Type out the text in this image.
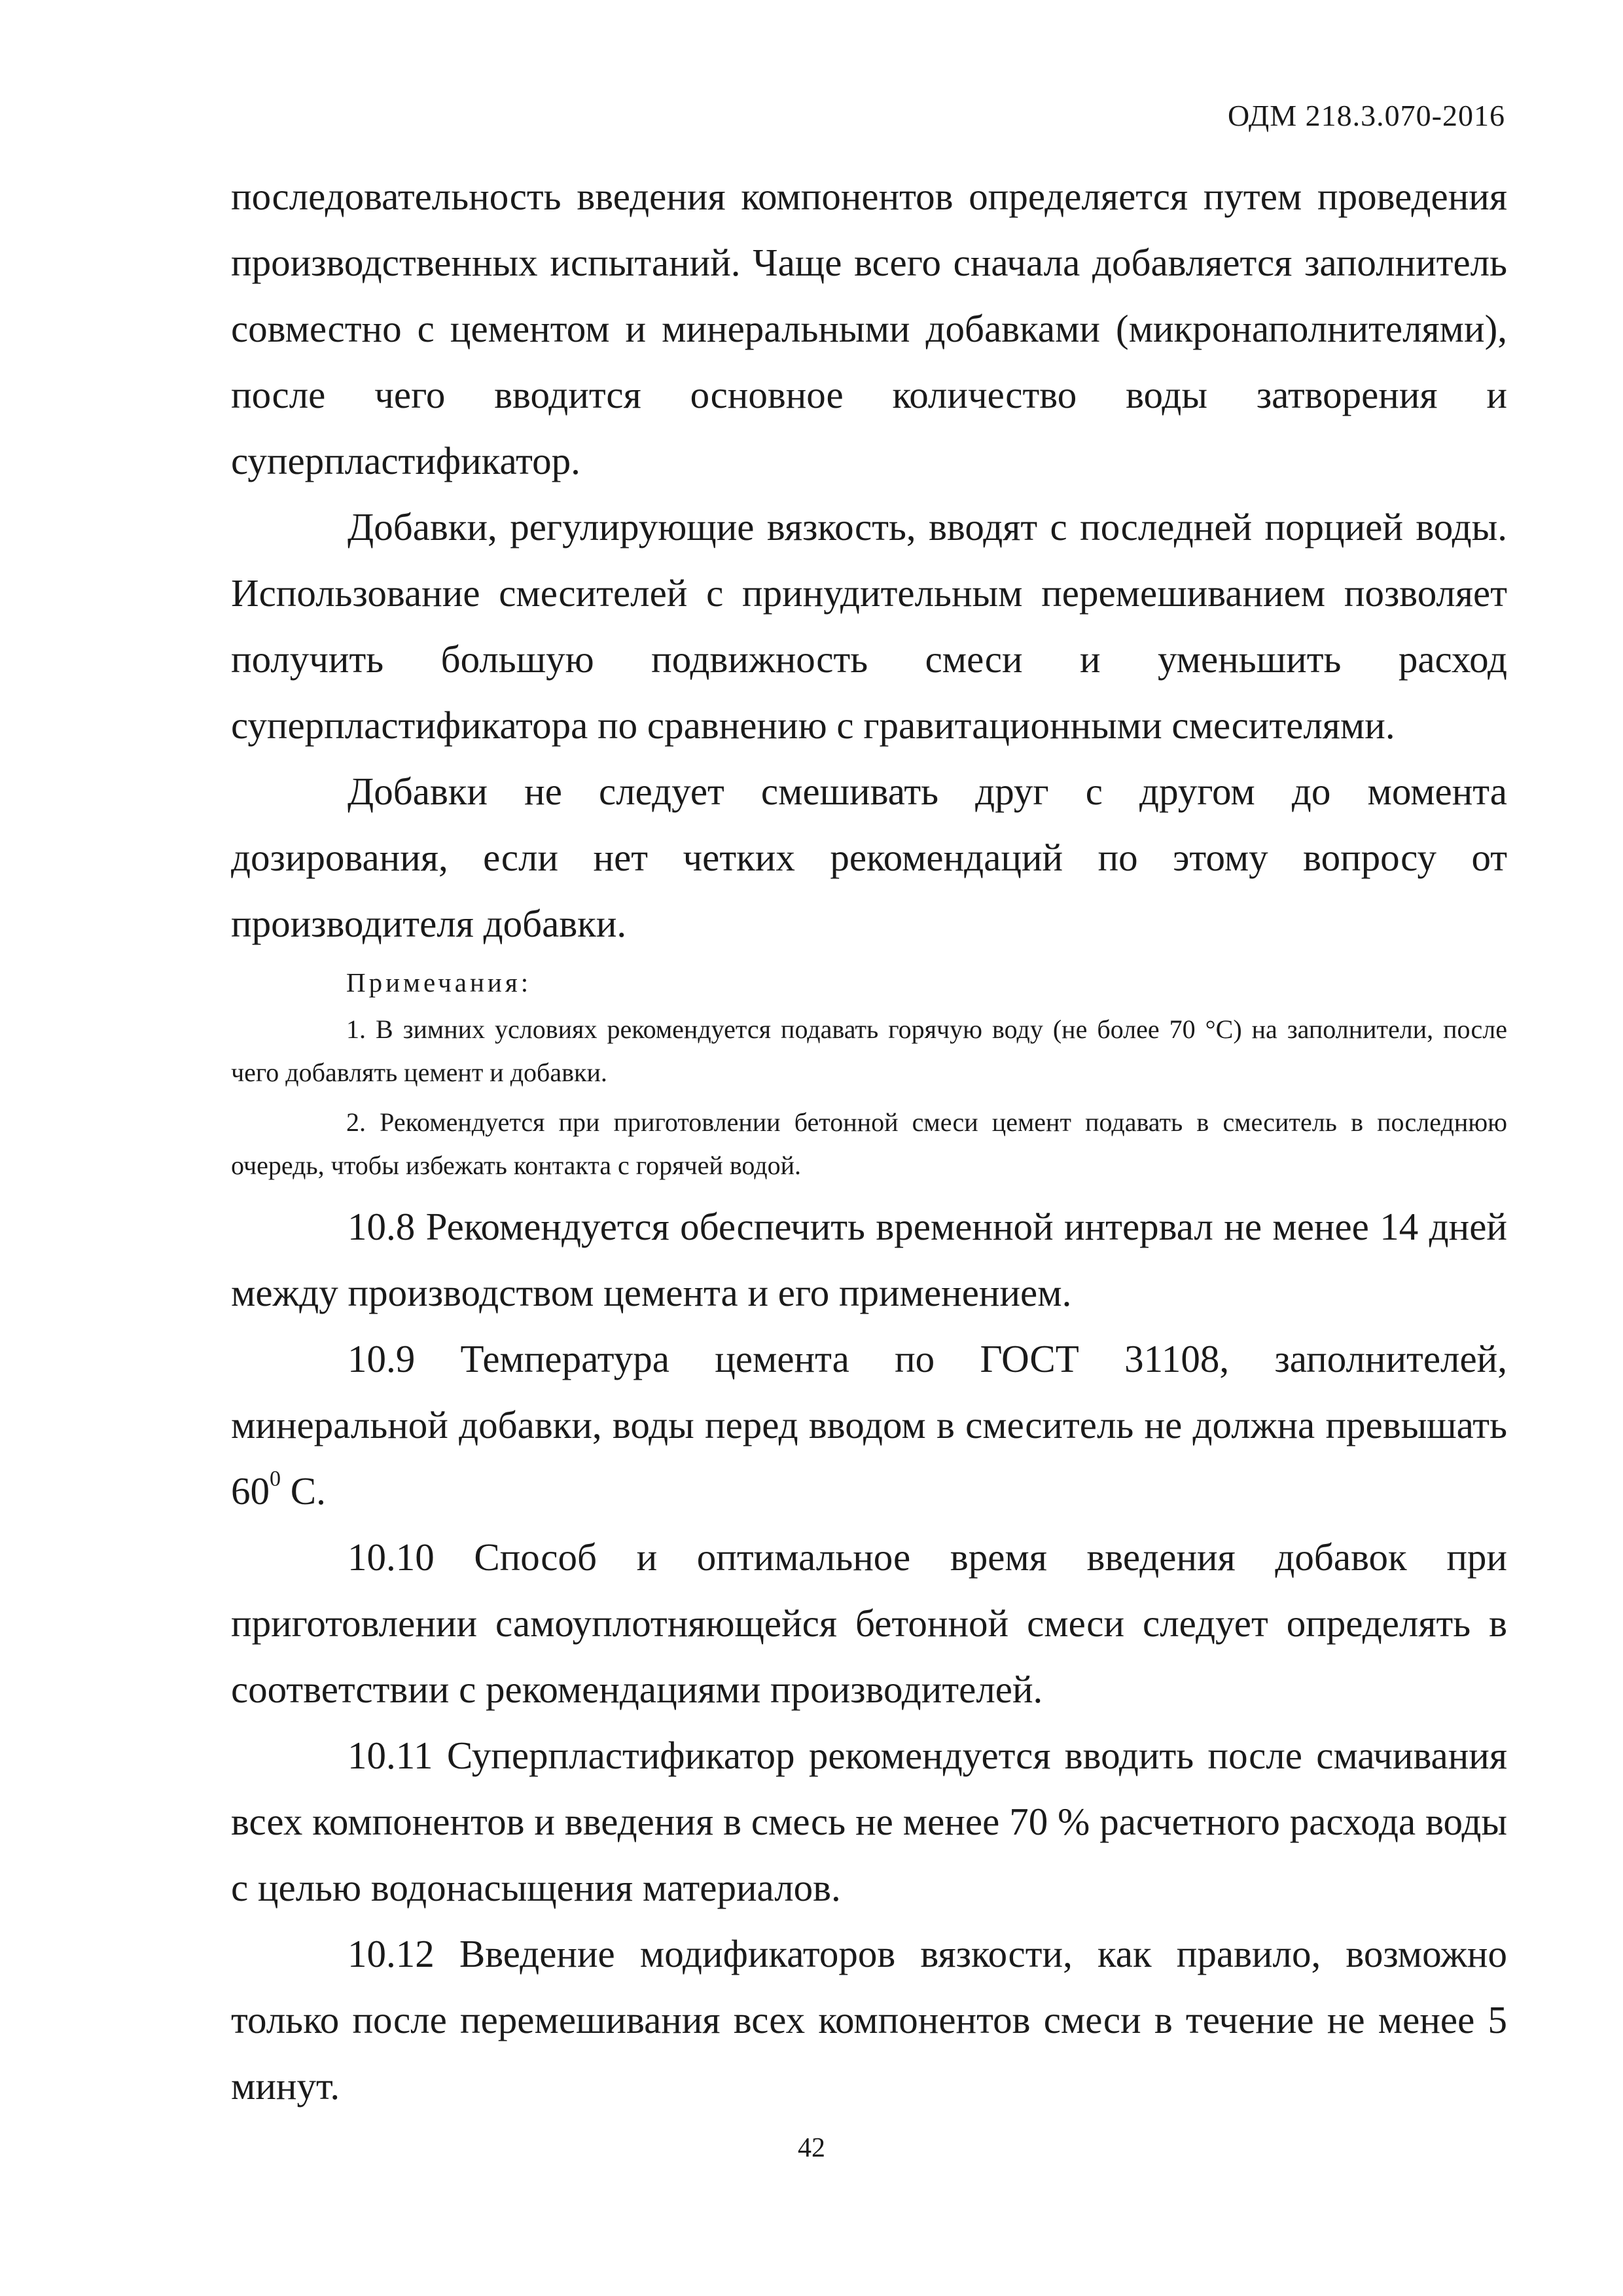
ОДМ 218.3.070-2016

последовательность введения компонентов определяется путем проведения производственных испытаний. Чаще всего сначала добавляется заполнитель совместно с цементом и минеральными добавками (микронаполнителями), после чего вводится основное количество воды затворения и суперпластификатор.

Добавки, регулирующие вязкость, вводят с последней порцией воды. Использование смесителей с принудительным перемешиванием позволяет получить большую подвижность смеси и уменьшить расход суперпластификатора по сравнению с гравитационными смесителями.

Добавки не следует смешивать друг с другом до момента дозирования, если нет четких рекомендаций по этому вопросу от производителя добавки.

Примечания:
1. В зимних условиях рекомендуется подавать горячую воду (не более 70 °С) на заполнители, после чего добавлять цемент и добавки.
2. Рекомендуется при приготовлении бетонной смеси цемент подавать в смеситель в последнюю очередь, чтобы избежать контакта с горячей водой.

10.8 Рекомендуется обеспечить временной интервал не менее 14 дней между производством цемента и его применением.

10.9 Температура цемента по ГОСТ 31108, заполнителей, минеральной добавки, воды перед вводом в смеситель не должна превышать $60^0$ С.

10.10 Способ и оптимальное время введения добавок при приготовлении самоуплотняющейся бетонной смеси следует определять в соответствии с рекомендациями производителей.

10.11 Суперпластификатор рекомендуется вводить после смачивания всех компонентов и введения в смесь не менее 70 % расчетного расхода воды с целью водонасыщения материалов.

10.12 Введение модификаторов вязкости, как правило, возможно только после перемешивания всех компонентов смеси в течение не менее 5 минут.

42
